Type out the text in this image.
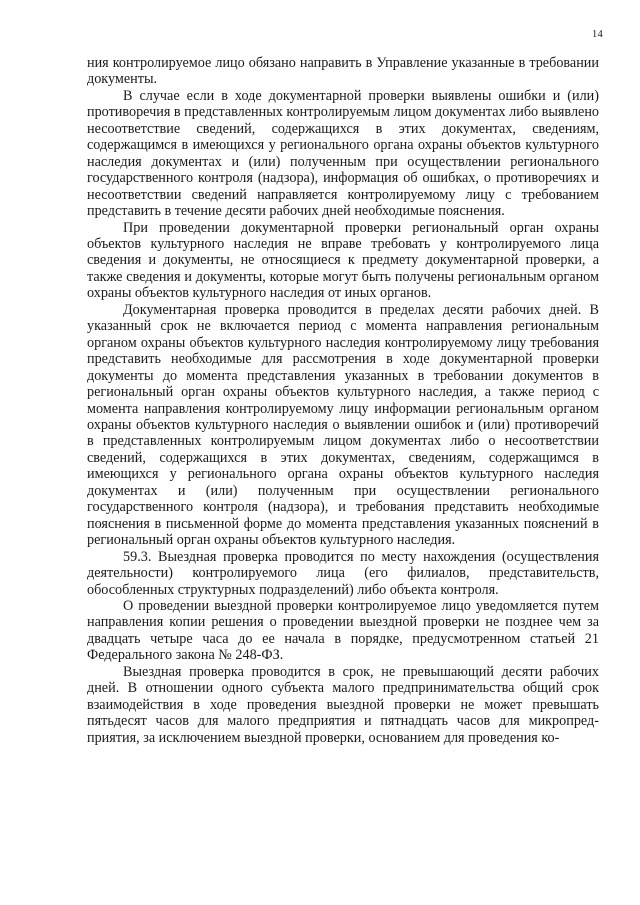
14

ния контролируемое лицо обязано направить в Управление указанные в требовании документы.

В случае если в ходе документарной проверки выявлены ошибки и (или) противоречия в представленных контролируемым лицом документах либо выявлено несоответствие сведений, содержащихся в этих документах, сведениям, содержащимся в имеющихся у регионального органа охраны объектов культурного наследия документах и (или) полученным при осуществлении регионального государственного контроля (надзора), информация об ошибках, о противоречиях и несоответствии сведений направляется контролируемому лицу с требованием представить в течение десяти рабочих дней необходимые пояснения.

При проведении документарной проверки региональный орган охраны объектов культурного наследия не вправе требовать у контролируемого лица сведения и документы, не относящиеся к предмету документарной проверки, а также сведения и документы, которые могут быть получены региональным органом охраны объектов культурного наследия от иных органов.

Документарная проверка проводится в пределах десяти рабочих дней. В указанный срок не включается период с момента направления региональным органом охраны объектов культурного наследия контролируемому лицу требования представить необходимые для рассмотрения в ходе документарной проверки документы до момента представления указанных в требовании документов в региональный орган охраны объектов культурного наследия, а также период с момента направления контролируемому лицу информации региональным органом охраны объектов культурного наследия о выявлении ошибок и (или) противоречий в представленных контролируемым лицом документах либо о несоответствии сведений, содержащихся в этих документах, сведениям, содержащимся в имеющихся у регионального органа охраны объектов культурного наследия документах и (или) полученным при осуществлении регионального государственного контроля (надзора), и требования представить необходимые пояснения в письменной форме до момента представления указанных пояснений в региональный орган охраны объектов культурного наследия.

59.3. Выездная проверка проводится по месту нахождения (осуществления деятельности) контролируемого лица (его филиалов, представительств, обособленных структурных подразделений) либо объекта контроля.

О проведении выездной проверки контролируемое лицо уведомляется путем направления копии решения о проведении выездной проверки не позднее чем за двадцать четыре часа до ее начала в порядке, предусмотренном статьей 21 Федерального закона № 248-ФЗ.

Выездная проверка проводится в срок, не превышающий десяти рабочих дней. В отношении одного субъекта малого предпринимательства общий срок взаимодействия в ходе проведения выездной проверки не может превышать пятьдесят часов для малого предприятия и пятнадцать часов для микропредприятия, за исключением выездной проверки, основанием для проведения ко-
